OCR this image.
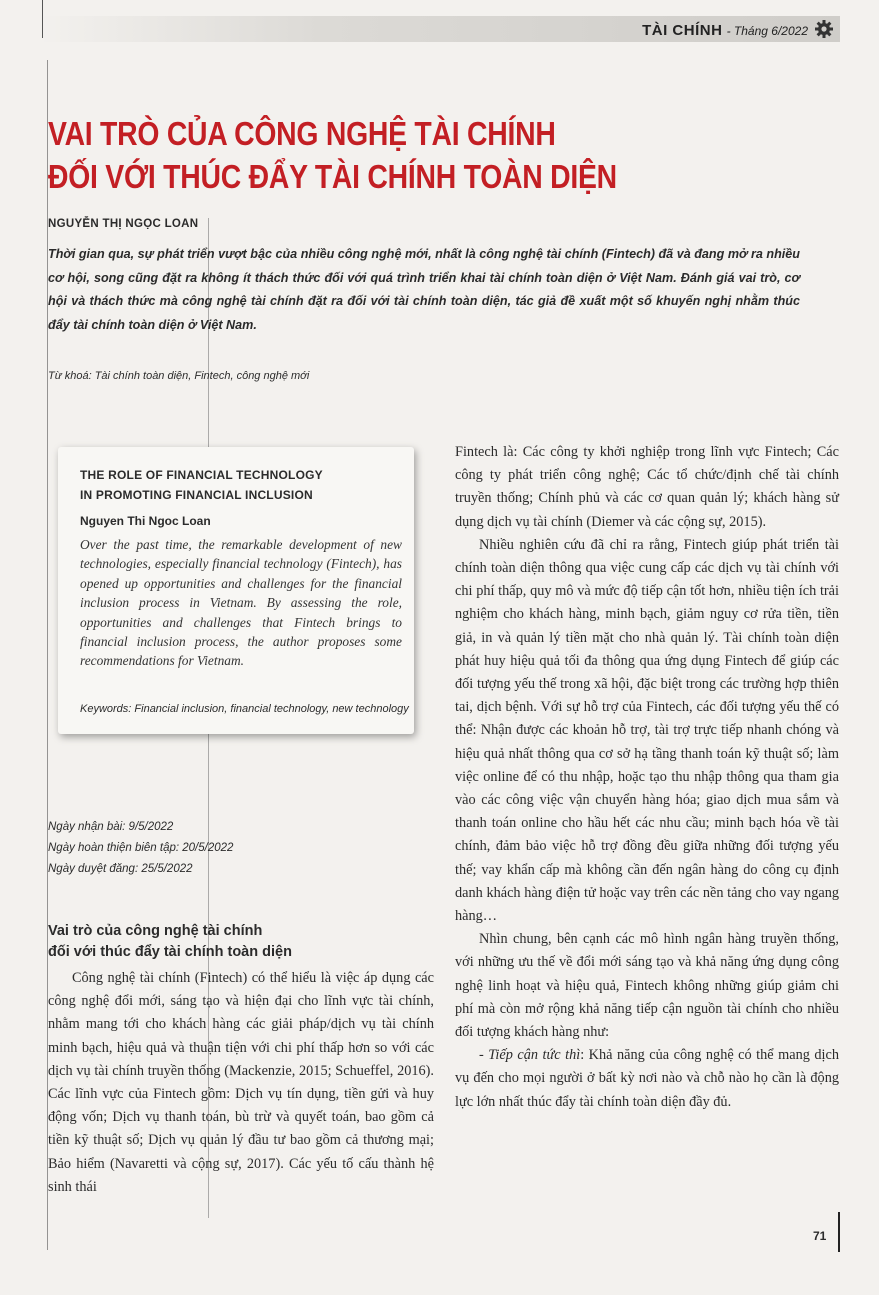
TÀI CHÍNH - Tháng 6/2022
VAI TRÒ CỦA CÔNG NGHỆ TÀI CHÍNH
ĐỐI VỚI THÚC ĐẨY TÀI CHÍNH TOÀN DIỆN
NGUYỄN THỊ NGỌC LOAN
Thời gian qua, sự phát triển vượt bậc của nhiều công nghệ mới, nhất là công nghệ tài chính (Fintech) đã và đang mở ra nhiều cơ hội, song cũng đặt ra không ít thách thức đối với quá trình triển khai tài chính toàn diện ở Việt Nam. Đánh giá vai trò, cơ hội và thách thức mà công nghệ tài chính đặt ra đối với tài chính toàn diện, tác giả đề xuất một số khuyến nghị nhằm thúc đẩy tài chính toàn diện ở Việt Nam.
Từ khoá: Tài chính toàn diện, Fintech, công nghệ mới
THE ROLE OF FINANCIAL TECHNOLOGY
IN PROMOTING FINANCIAL INCLUSION
Nguyen Thi Ngoc Loan
Over the past time, the remarkable development of new technologies, especially financial technology (Fintech), has opened up opportunities and challenges for the financial inclusion process in Vietnam. By assessing the role, opportunities and challenges that Fintech brings to financial inclusion process, the author proposes some recommendations for Vietnam.
Keywords: Financial inclusion, financial technology, new technology
Ngày nhận bài: 9/5/2022
Ngày hoàn thiện biên tập: 20/5/2022
Ngày duyệt đăng: 25/5/2022
Vai trò của công nghệ tài chính
đối với thúc đẩy tài chính toàn diện

Công nghệ tài chính (Fintech) có thể hiểu là việc áp dụng các công nghệ đổi mới, sáng tạo và hiện đại cho lĩnh vực tài chính, nhằm mang tới cho khách hàng các giải pháp/dịch vụ tài chính minh bạch, hiệu quả và thuận tiện với chi phí thấp hơn so với các dịch vụ tài chính truyền thống (Mackenzie, 2015; Schueffel, 2016). Các lĩnh vực của Fintech gồm: Dịch vụ tín dụng, tiền gửi và huy động vốn; Dịch vụ thanh toán, bù trừ và quyết toán, bao gồm cả tiền kỹ thuật số; Dịch vụ quản lý đầu tư bao gồm cả thương mại; Bảo hiểm (Navaretti và cộng sự, 2017). Các yếu tố cấu thành hệ sinh thái

Fintech là: Các công ty khởi nghiệp trong lĩnh vực Fintech; Các công ty phát triển công nghệ; Các tổ chức/định chế tài chính truyền thống; Chính phủ và các cơ quan quản lý; khách hàng sử dụng dịch vụ tài chính (Diemer và các cộng sự, 2015).

Nhiều nghiên cứu đã chỉ ra rằng, Fintech giúp phát triển tài chính toàn diện thông qua việc cung cấp các dịch vụ tài chính với chi phí thấp, quy mô và mức độ tiếp cận tốt hơn, nhiều tiện ích trải nghiệm cho khách hàng, minh bạch, giảm nguy cơ rửa tiền, tiền giả, in và quản lý tiền mặt cho nhà quản lý. Tài chính toàn diện phát huy hiệu quả tối đa thông qua ứng dụng Fintech để giúp các đối tượng yếu thế trong xã hội, đặc biệt trong các trường hợp thiên tai, dịch bệnh. Với sự hỗ trợ của Fintech, các đối tượng yếu thế có thể: Nhận được các khoản hỗ trợ, tài trợ trực tiếp nhanh chóng và hiệu quả nhất thông qua cơ sở hạ tầng thanh toán kỹ thuật số; làm việc online để có thu nhập, hoặc tạo thu nhập thông qua tham gia vào các công việc vận chuyển hàng hóa; giao dịch mua sắm và thanh toán online cho hầu hết các nhu cầu; minh bạch hóa về tài chính, đảm bảo việc hỗ trợ đồng đều giữa những đối tượng yếu thế; vay khẩn cấp mà không cần đến ngân hàng do công cụ định danh khách hàng điện tử hoặc vay trên các nền tảng cho vay ngang hàng…

Nhìn chung, bên cạnh các mô hình ngân hàng truyền thống, với những ưu thế về đổi mới sáng tạo và khả năng ứng dụng công nghệ linh hoạt và hiệu quả, Fintech không những giúp giảm chi phí mà còn mở rộng khả năng tiếp cận nguồn tài chính cho nhiều đối tượng khách hàng như:

- Tiếp cận tức thì: Khả năng của công nghệ có thể mang dịch vụ đến cho mọi người ở bất kỳ nơi nào và chỗ nào họ cần là động lực lớn nhất thúc đẩy tài chính toàn diện đầy đủ.

71
